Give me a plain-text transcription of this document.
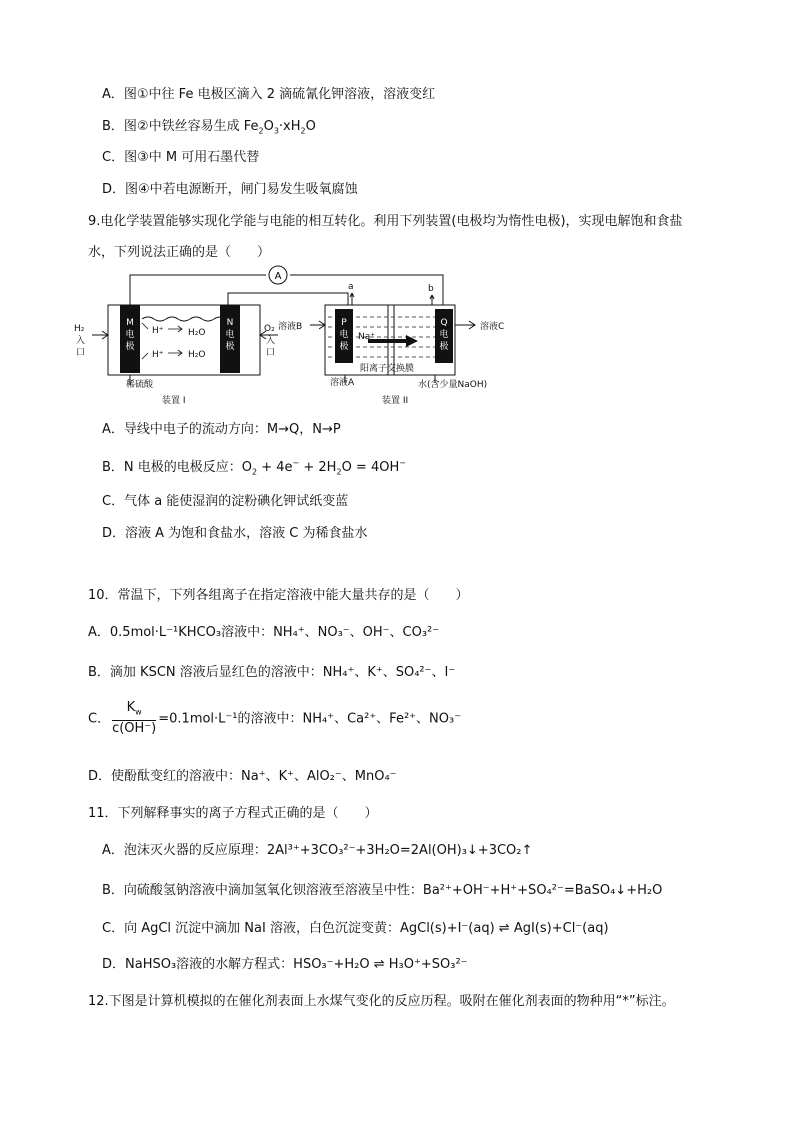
A．图①中往 Fe 电极区滴入 2 滴硫氰化钾溶液，溶液变红
B．图②中铁丝容易生成 $Fe_2O_3\cdot xH_2O$
C．图③中 M 可用石墨代替
D．图④中若电源断开，闸门易发生吸氧腐蚀
9.电化学装置能够实现化学能与电能的相互转化。利用下列装置(电极均为惰性电极)，实现电解饱和食盐
水，下列说法正确的是（　　）
A
M
电
极
N
电
极
P
电
极
Q
电
极
H⁺
H⁺
H₂O
H₂O
H₂
入
口
O₂
入
口
稀硫酸
装置 I
a	b
溶液B	溶液C
溶液A	水(含少量NaOH)
阳离子交换膜
Na⁺
装置 II
A．导线中电子的流动方向：M→Q，N→P
B．N 电极的电极反应：$O_2 + 4e^- + 2H_2O = 4OH^-$
C．气体 a 能使湿润的淀粉碘化钾试纸变蓝
D．溶液 A 为饱和食盐水，溶液 C 为稀食盐水
10．常温下，下列各组离子在指定溶液中能大量共存的是（　　）
A．0.5mol·L⁻¹KHCO₃溶液中：NH₄⁺、NO₃⁻、OH⁻、CO₃²⁻
B．滴加 KSCN 溶液后显红色的溶液中：NH₄⁺、K⁺、SO₄²⁻、I⁻
C． $\frac{K_w}{c(OH^-)} =0.1mol\cdot L^{-1}$的溶液中：NH₄⁺、Ca²⁺、Fe²⁺、NO₃⁻
D．使酚酞变红的溶液中：Na⁺、K⁺、AlO₂⁻、MnO₄⁻
11．下列解释事实的离子方程式正确的是（　　）
A．泡沫灭火器的反应原理：2Al³⁺+3CO₃²⁻+3H₂O=2Al(OH)₃↓+3CO₂↑
B．向硫酸氢钠溶液中滴加氢氧化钡溶液至溶液呈中性：Ba²⁺+OH⁻+H⁺+SO₄²⁻=BaSO₄↓+H₂O
C．向 AgCl 沉淀中滴加 NaI 溶液，白色沉淀变黄：AgCl(s)+I⁻(aq) ⇌ AgI(s)+Cl⁻(aq)
D．NaHSO₃溶液的水解方程式：HSO₃⁻+H₂O ⇌ H₃O⁺+SO₃²⁻
12.下图是计算机模拟的在催化剂表面上水煤气变化的反应历程。吸附在催化剂表面的物种用“*”标注。
